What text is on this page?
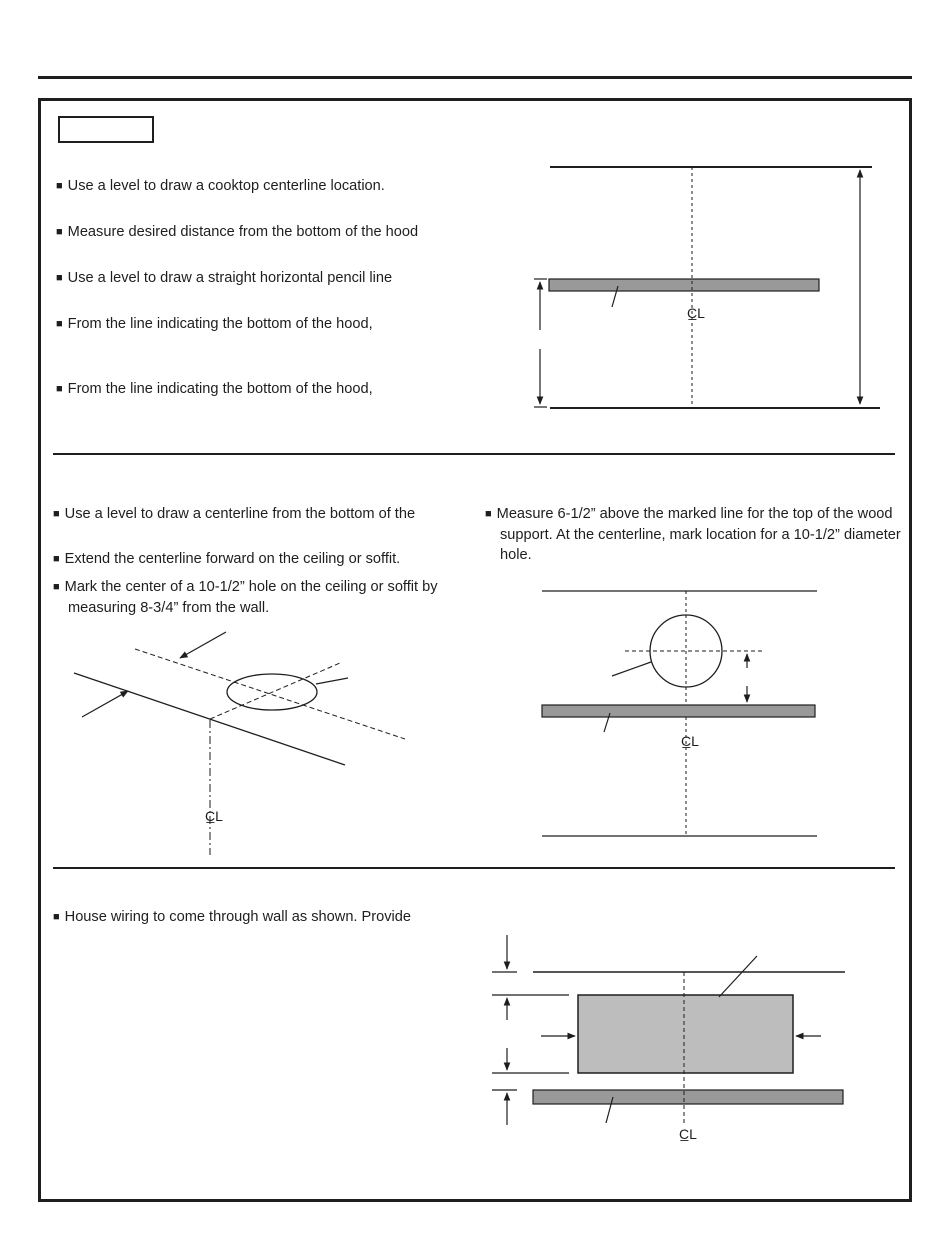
■ Use a level to draw a cooktop centerline location.

■ Measure desired distance from the bottom of the hood

■ Use a level to draw a straight horizontal pencil line

■ From the line indicating the bottom of the hood,

■ From the line indicating the bottom of the hood,

■ Use a level to draw a centerline from the bottom of the

■ Extend the centerline forward on the ceiling or soffit.

■ Mark the center of a 10-1/2” hole on the ceiling or soffit by measuring 8-3/4” from the wall.

■ Measure 6-1/2” above the marked line for the top of the wood support. At the centerline, mark location for a 10-1/2” diameter hole.

■ House wiring to come through wall as shown. Provide

C̲L
C̲L
C̲L
C̲L
